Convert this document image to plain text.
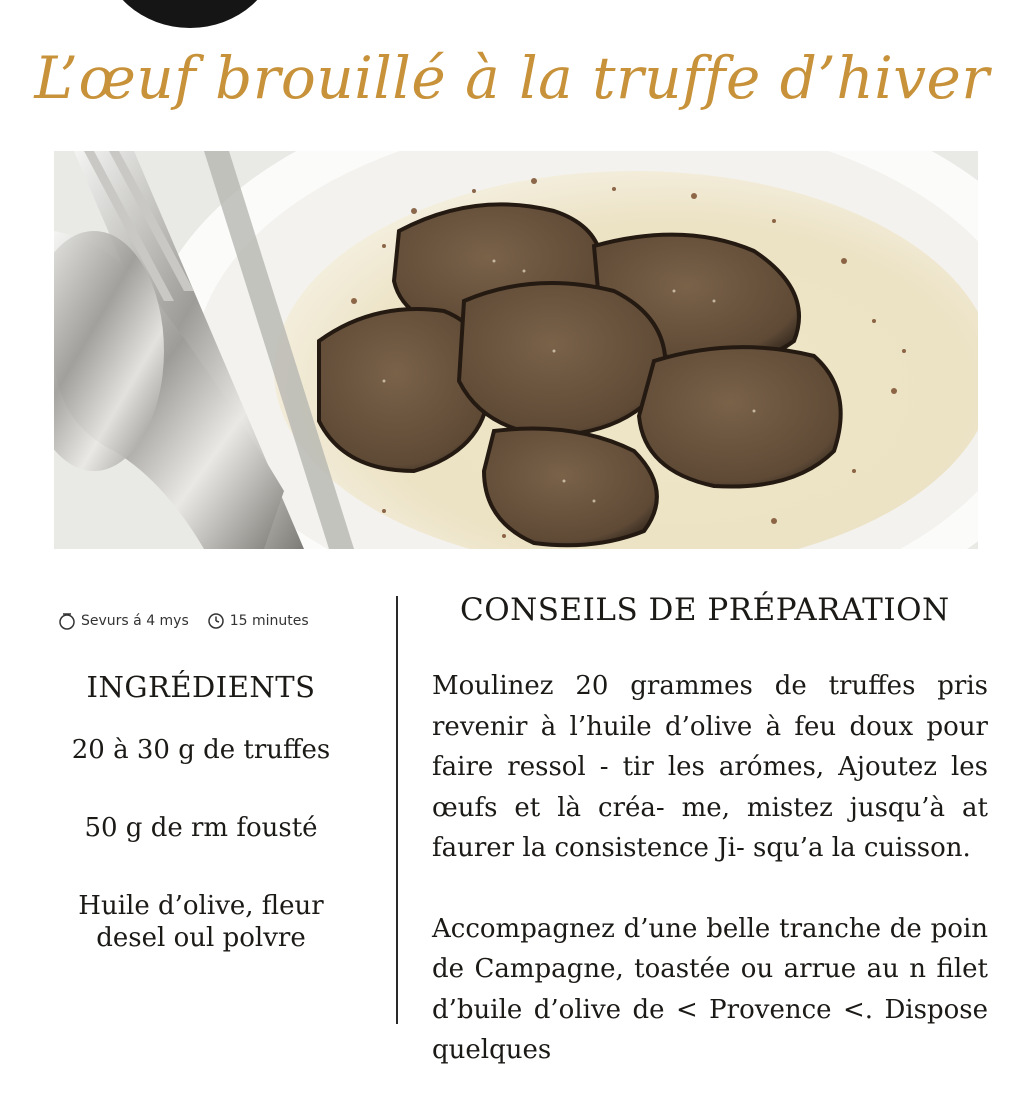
L’œuf brouillé à la truffe d’hiver
Sevurs á 4 mys	15 minutes
INGRÉDIENTS

20 à 30 g de truffes

50 g de rm fousté

Huile d’olive, fleur desel oul polvre

CONSEILS DE PRÉPARATION

Moulinez 20 grammes de truffes pris revenir à l’huile d’olive à feu doux pour faire ressol - tir les arómes, Ajoutez les œufs et là créa- me, mistez jusqu’à at faurer la consistence Ji- squ’a la cuisson.

Accompagnez d’une belle tranche de poin de Campagne, toastée ou arrue au n filet d’buile d’olive de < Provence <. Dispose quelques
